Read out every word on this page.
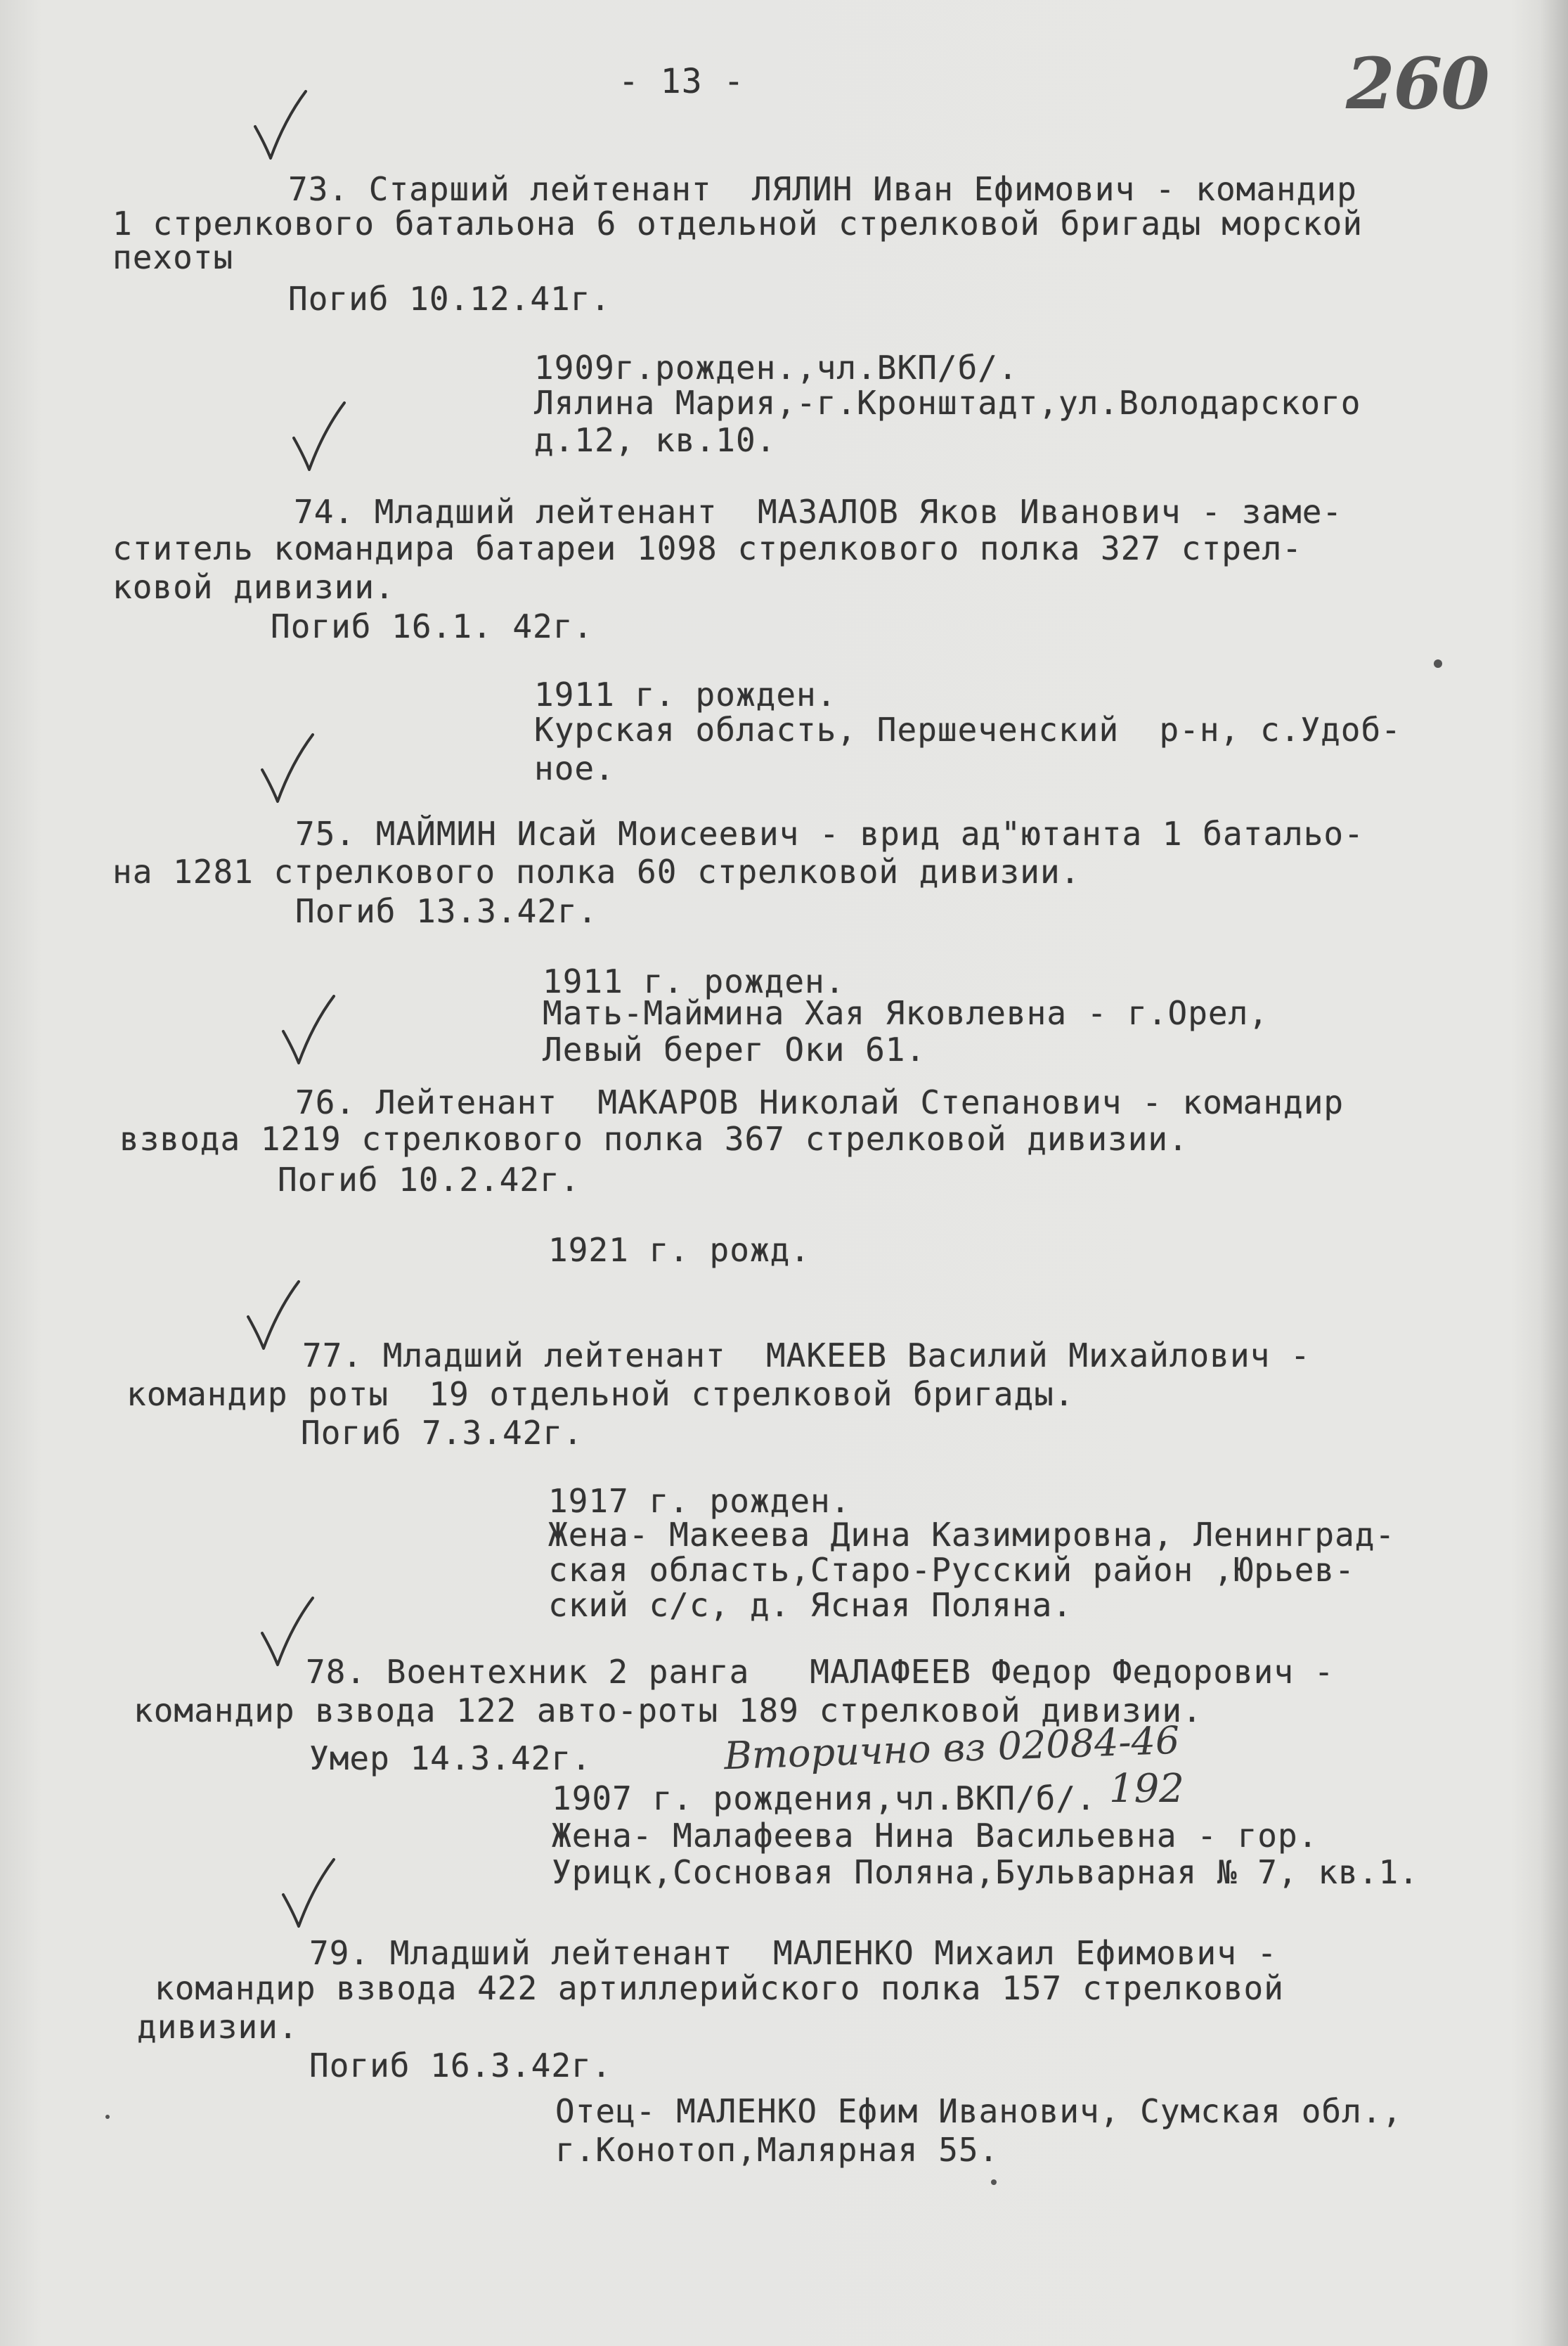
- 13 -	260
73. Старший лейтенант  ЛЯЛИН Иван Ефимович - командир
1 стрелкового батальона 6 отдельной стрелковой бригады морской
пехоты
Погиб 10.12.41г.
1909г.рожден.,чл.ВКП/б/.
Лялина Мария,-г.Кронштадт,ул.Володарского
д.12, кв.10.
74. Младший лейтенант  МАЗАЛОВ Яков Иванович - заме-
ститель командира батареи 1098 стрелкового полка 327 стрел-
ковой дивизии.
Погиб 16.1. 42г.
1911 г. рожден.
Курская область, Першеченский  р-н, с.Удоб-
ное.
75. МАЙМИН Исай Моисеевич - врид ад"ютанта 1 батальо-
на 1281 стрелкового полка 60 стрелковой дивизии.
Погиб 13.3.42г.
1911 г. рожден.
Мать-Маймина Хая Яковлевна - г.Орел,
Левый берег Оки 61.
76. Лейтенант  МАКАРОВ Николай Степанович - командир
взвода 1219 стрелкового полка 367 стрелковой дивизии.
Погиб 10.2.42г.
1921 г. рожд.
77. Младший лейтенант  МАКЕЕВ Василий Михайлович -
командир роты  19 отдельной стрелковой бригады.
Погиб 7.3.42г.
1917 г. рожден.
Жена- Макеева Дина Казимировна, Ленинград-
ская область,Старо-Русский район ,Юрьев-
ский с/с, д. Ясная Поляна.
78. Воентехник 2 ранга   МАЛАФЕЕВ Федор Федорович -
командир взвода 122 авто-роты 189 стрелковой дивизии.
Умер 14.3.42г.	Вторично вз 02084-46
1907 г. рождения,чл.ВКП/б/. 192
Жена- Малафеева Нина Васильевна - гор.
Урицк,Сосновая Поляна,Бульварная № 7, кв.1.
79. Младший лейтенант  МАЛЕНКО Михаил Ефимович -
командир взвода 422 артиллерийского полка 157 стрелковой
дивизии.
Погиб 16.3.42г.
Отец- МАЛЕНКО Ефим Иванович, Сумская обл.,
г.Конотоп,Малярная 55.
